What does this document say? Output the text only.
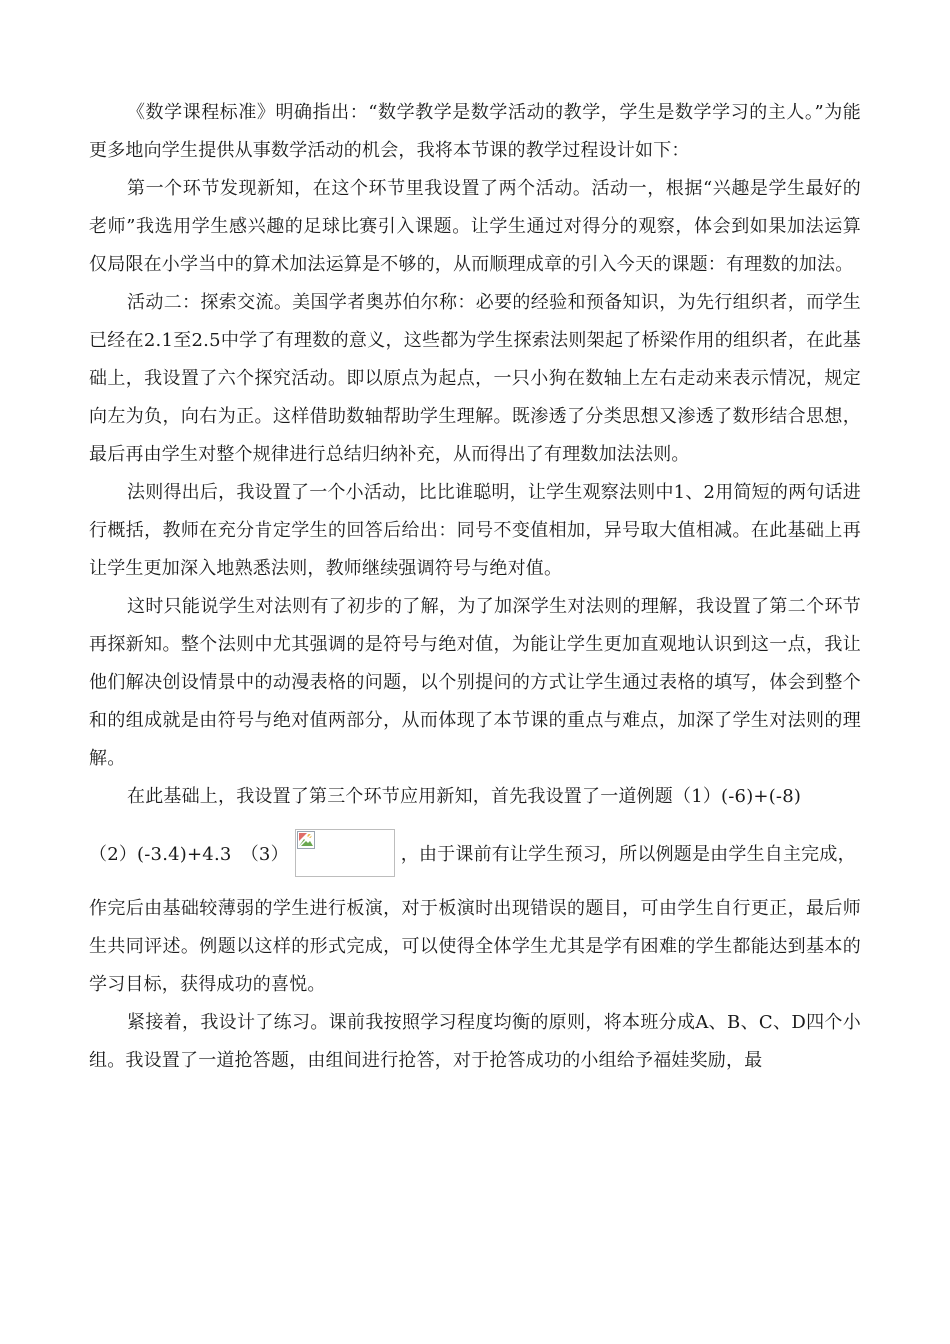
《数学课程标准》明确指出：“数学教学是数学活动的教学，学生是数学学习的主人。”为能更多地向学生提供从事数学活动的机会，我将本节课的教学过程设计如下：

第一个环节发现新知，在这个环节里我设置了两个活动。活动一，根据“兴趣是学生最好的老师”我选用学生感兴趣的足球比赛引入课题。让学生通过对得分的观察，体会到如果加法运算仅局限在小学当中的算术加法运算是不够的，从而顺理成章的引入今天的课题：有理数的加法。

活动二：探索交流。美国学者奥苏伯尔称：必要的经验和预备知识，为先行组织者，而学生已经在2.1至2.5中学了有理数的意义，这些都为学生探索法则架起了桥梁作用的组织者，在此基础上，我设置了六个探究活动。即以原点为起点，一只小狗在数轴上左右走动来表示情况，规定向左为负，向右为正。这样借助数轴帮助学生理解。既渗透了分类思想又渗透了数形结合思想，最后再由学生对整个规律进行总结归纳补充，从而得出了有理数加法法则。

法则得出后，我设置了一个小活动，比比谁聪明，让学生观察法则中1、2用简短的两句话进行概括，教师在充分肯定学生的回答后给出：同号不变值相加，异号取大值相减。在此基础上再让学生更加深入地熟悉法则，教师继续强调符号与绝对值。

这时只能说学生对法则有了初步的了解，为了加深学生对法则的理解，我设置了第二个环节再探新知。整个法则中尤其强调的是符号与绝对值，为能让学生更加直观地认识到这一点，我让他们解决创设情景中的动漫表格的问题，以个别提问的方式让学生通过表格的填写，体会到整个和的组成就是由符号与绝对值两部分，从而体现了本节课的重点与难点，加深了学生对法则的理解。

在此基础上，我设置了第三个环节应用新知，首先我设置了一道例题（1）(-6)+(-8)

（2）(-3.4)+4.3　（3）	，由于课前有让学生预习，所以例题是由学生自主完成，

作完后由基础较薄弱的学生进行板演，对于板演时出现错误的题目，可由学生自行更正，最后师生共同评述。例题以这样的形式完成，可以使得全体学生尤其是学有困难的学生都能达到基本的学习目标，获得成功的喜悦。

紧接着，我设计了练习。课前我按照学习程度均衡的原则，将本班分成A、B、C、D四个小组。我设置了一道抢答题，由组间进行抢答，对于抢答成功的小组给予福娃奖励，最
